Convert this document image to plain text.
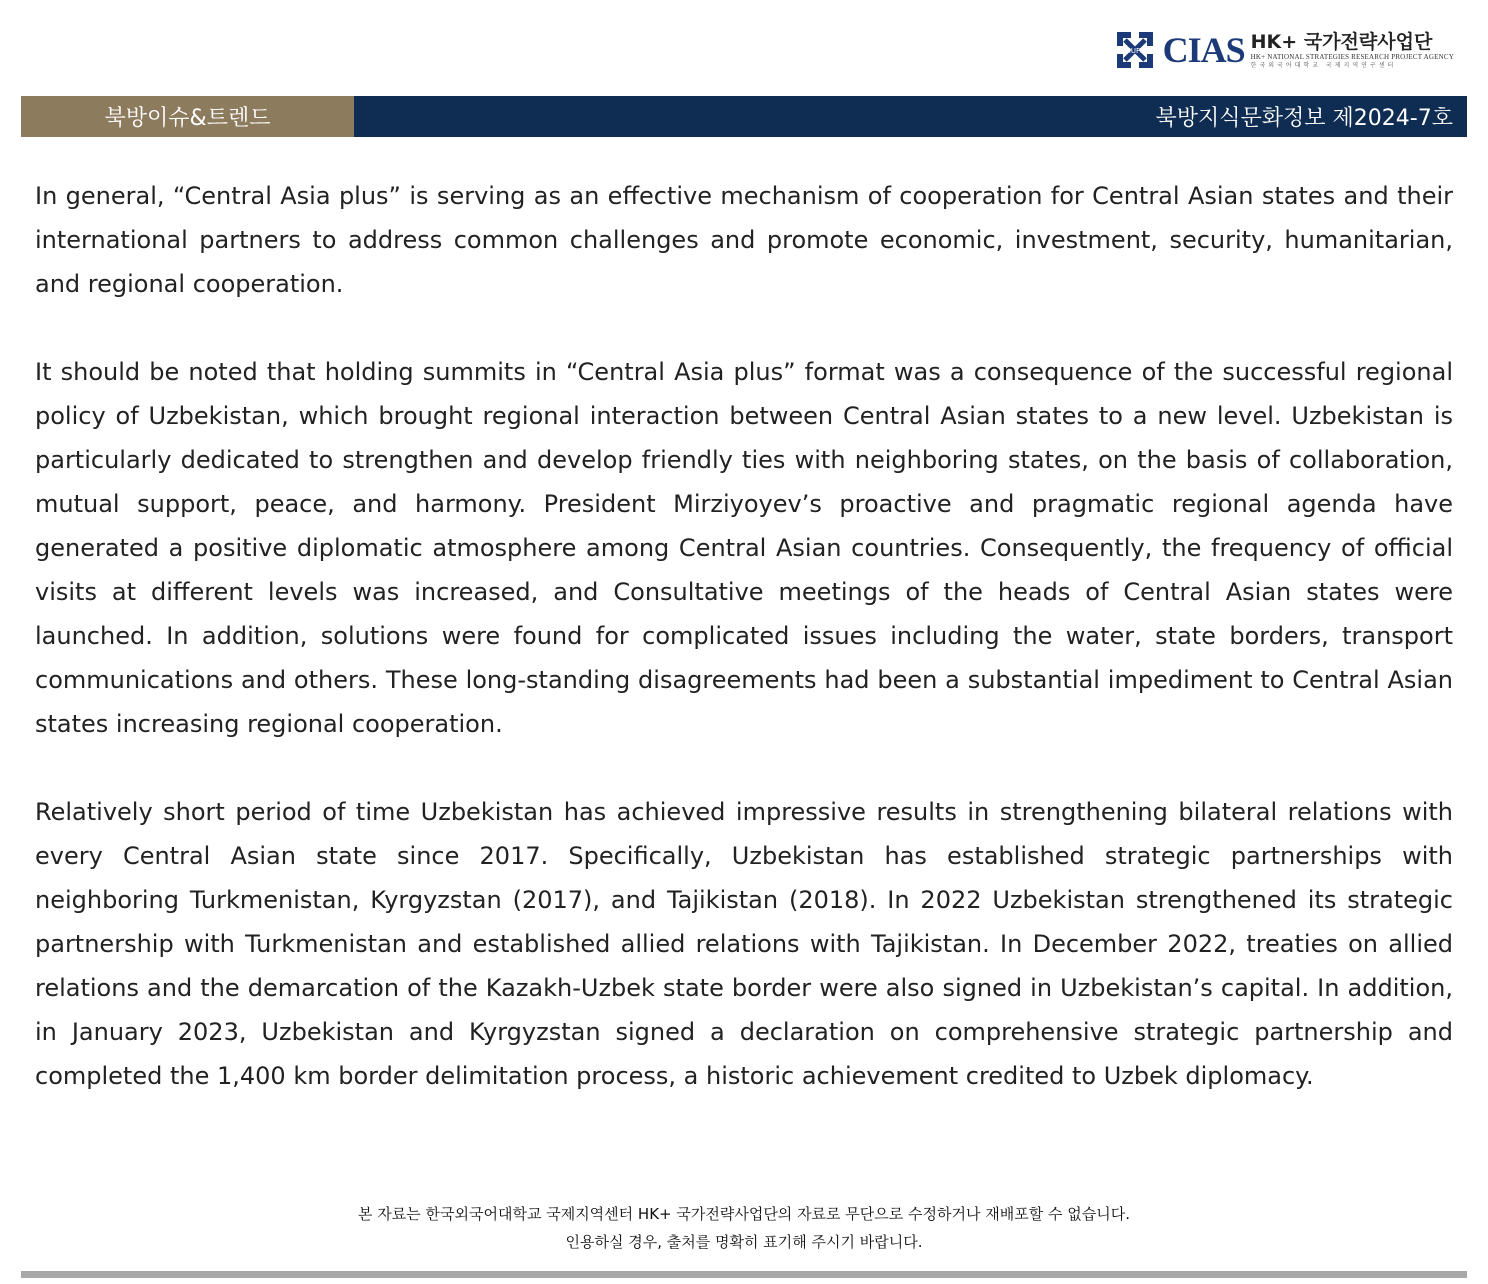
HUFS CIAS HK+ 국가전략사업단
HK+ NATIONAL STRATEGIES RESEARCH PROJECT AGENCY
한국외국어대학교 국제지역연구센터
북방이슈&트렌드	북방지식문화정보 제2024-7호

In general, “Central Asia plus” is serving as an effective mechanism of cooperation for Central Asian states and their international partners to address common challenges and promote economic, investment, security, humanitarian, and regional cooperation.

It should be noted that holding summits in “Central Asia plus” format was a consequence of the successful regional policy of Uzbekistan, which brought regional interaction between Central Asian states to a new level. Uzbekistan is particularly dedicated to strengthen and develop friendly ties with neighboring states, on the basis of collaboration, mutual support, peace, and harmony. President Mirziyoyev’s proactive and pragmatic regional agenda have generated a positive diplomatic atmosphere among Central Asian countries. Consequently, the frequency of official visits at different levels was increased, and Consultative meetings of the heads of Central Asian states were launched. In addition, solutions were found for complicated issues including the water, state borders, transport communications and others. These long-standing disagreements had been a substantial impediment to Central Asian states increasing regional cooperation.

Relatively short period of time Uzbekistan has achieved impressive results in strengthening bilateral relations with every Central Asian state since 2017. Specifically, Uzbekistan has established strategic partnerships with neighboring Turkmenistan, Kyrgyzstan (2017), and Tajikistan (2018). In 2022 Uzbekistan strengthened its strategic partnership with Turkmenistan and established allied relations with Tajikistan. In December 2022, treaties on allied relations and the demarcation of the Kazakh-Uzbek state border were also signed in Uzbekistan’s capital. In addition, in January 2023, Uzbekistan and Kyrgyzstan signed a declaration on comprehensive strategic partnership and completed the 1,400 km border delimitation process, a historic achievement credited to Uzbek diplomacy.

본 자료는 한국외국어대학교 국제지역센터 HK+ 국가전략사업단의 자료로 무단으로 수정하거나 재배포할 수 없습니다.
인용하실 경우, 출처를 명확히 표기해 주시기 바랍니다.
